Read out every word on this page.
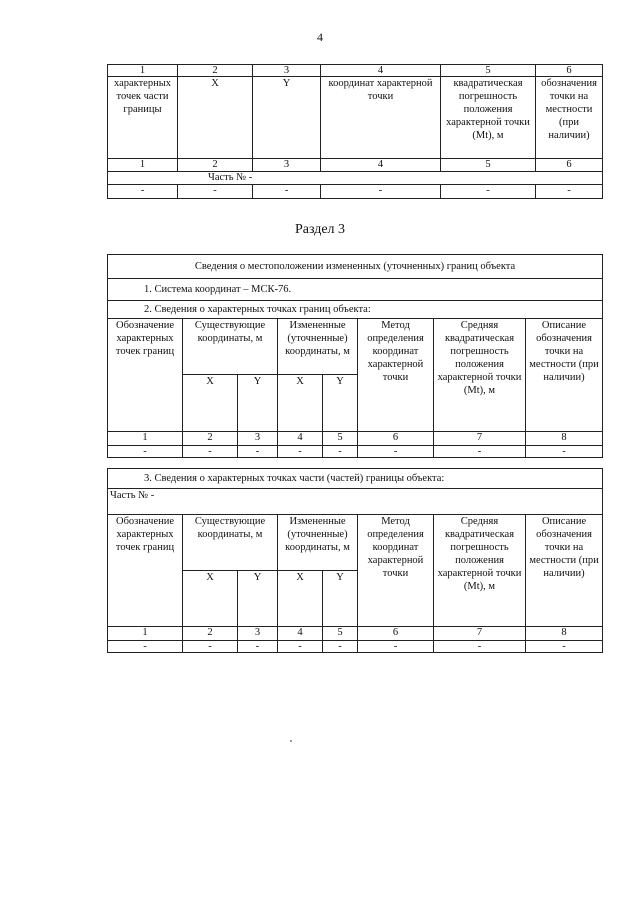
4
1	2	3	4	5	6
характерных точек части границы	X	Y	координат характерной точки	квадратическая погрешность положения характерной точки (Mt), м	обозначения точки на местности (при наличии)
1	2	3	4	5	6
Часть № -					
-	-	-	-	-	-
Раздел 3
Сведения о местоположении измененных (уточненных) границ объекта							
1. Система координат – МСК-76.							
2. Сведения о характерных точках границ объекта:							
Обозначение характерных точек границ	Существующие координаты, м		Измененные (уточненные) координаты, м		Метод определения координат характерной точки	Средняя квадратическая погрешность положения характерной точки (Mt), м	Описание обозначения точки на местности (при наличии)
	X	Y	X	Y			
1	2	3	4	5	6	7	8
-	-	-	-	-	-	-	-
3. Сведения о характерных точках части (частей) границы объекта:							
Часть № -							
Обозначение характерных точек границ	Существующие координаты, м		Измененные (уточненные) координаты, м		Метод определения координат характерной точки	Средняя квадратическая погрешность положения характерной точки (Mt), м	Описание обозначения точки на местности (при наличии)
	X	Y	X	Y			
1	2	3	4	5	6	7	8
-	-	-	-	-	-	-	-
